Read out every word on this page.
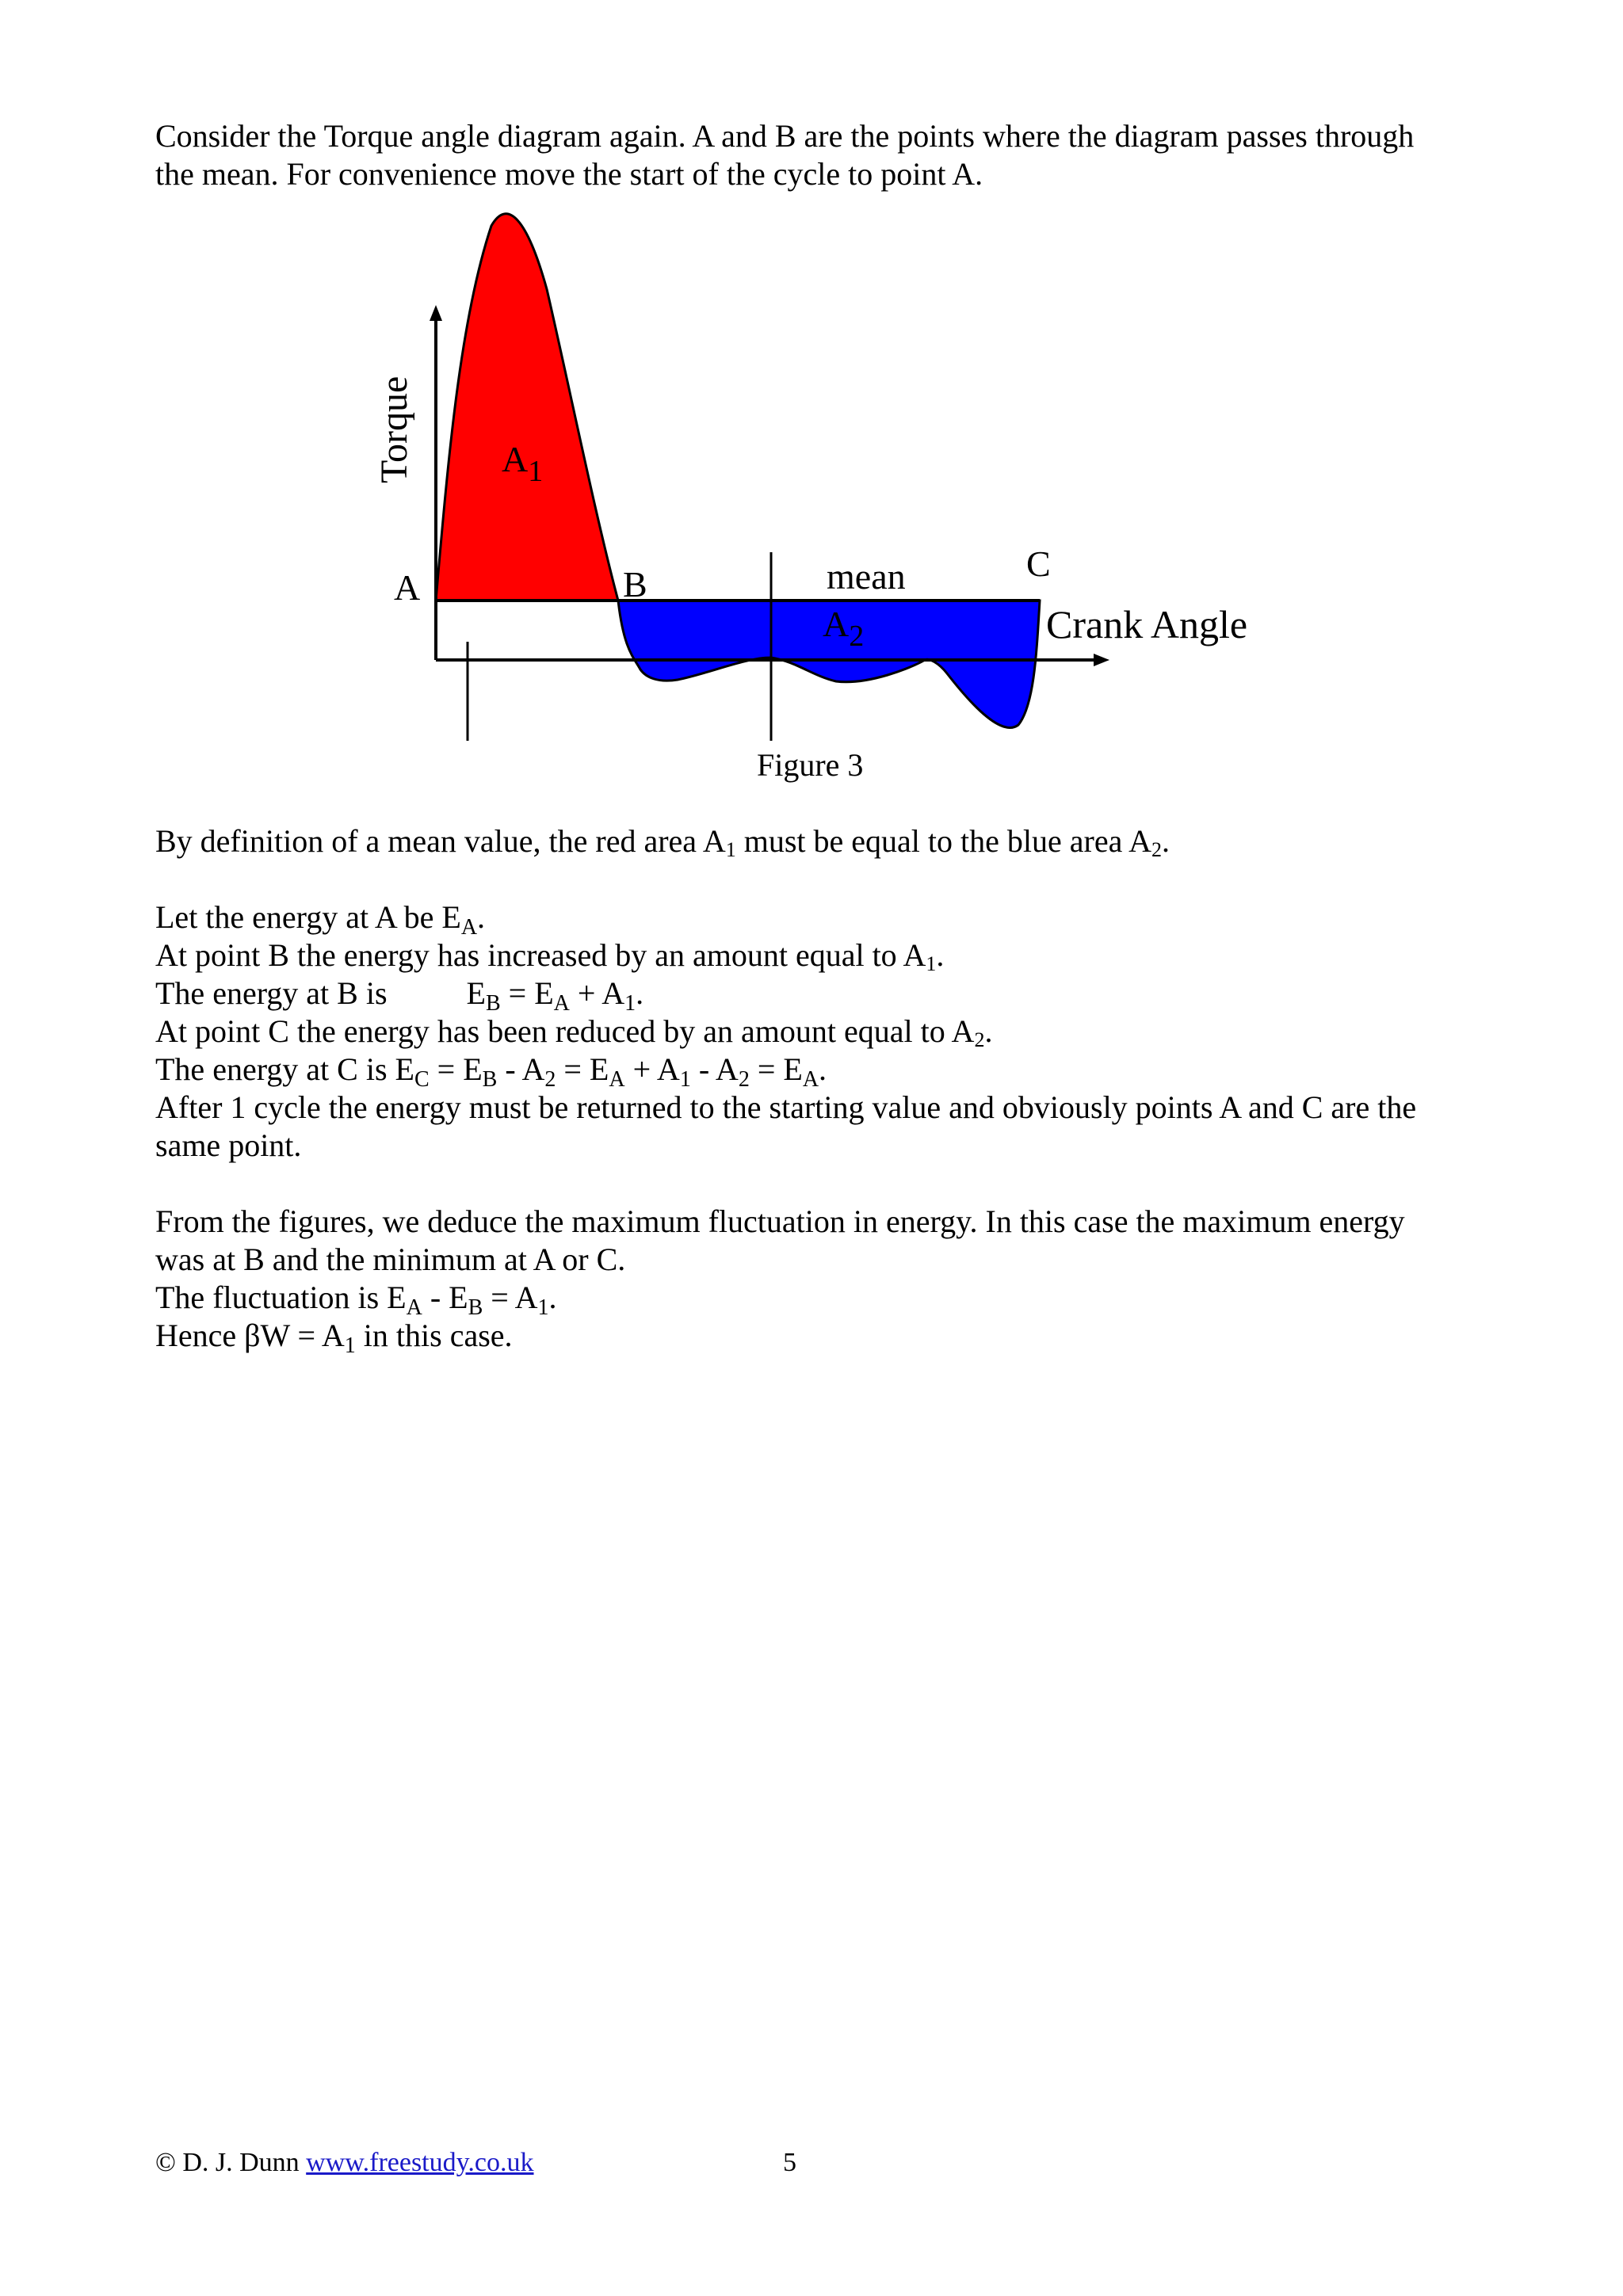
Consider the Torque angle diagram again. A and B are the points where the diagram passes through
the mean. For convenience move the start of the cycle to point A.
Torque
A	B
C
mean
Crank Angle
$A_1$
$A_2$
Figure 3
By definition of a mean value, the red area A1 must be equal to the blue area A2.
Let the energy at A be $E_A$.
At point B the energy has increased by an amount equal to A1.
The energy at B is	$E_B = E_A + A_1$.
At point C the energy has been reduced by an amount equal to A2.
The energy at C is $E_C = E_B - A_2 = E_A + A_1 - A_2 = E_A$.
After 1 cycle the energy must be returned to the starting value and obviously points A and C are the
same point.
From the figures, we deduce the maximum fluctuation in energy. In this case the maximum energy
was at B and the minimum at A or C.
The fluctuation is $E_A - E_B = A_1$.
Hence $\beta W = A_1$ in this case.
© D. J. Dunn www.freestudy.co.uk	5
